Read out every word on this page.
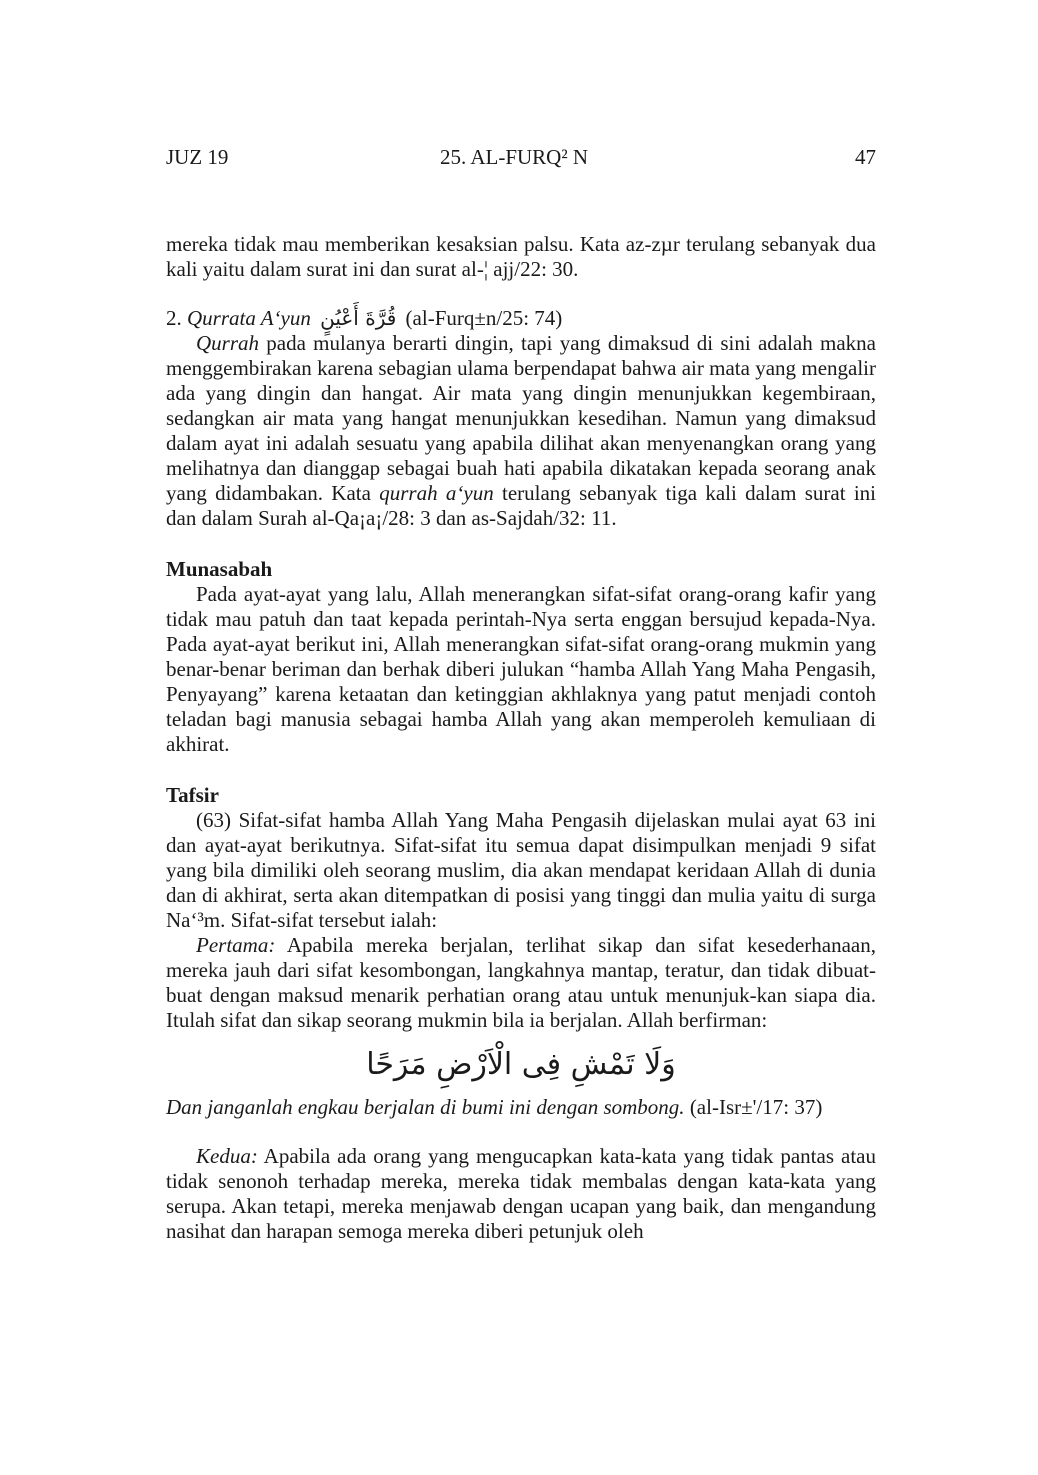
JUZ 19	25. AL-FURQ² N	47

mereka tidak mau memberikan kesaksian palsu. Kata az-zµr terulang sebanyak dua kali yaitu dalam surat ini dan surat al-¦ ajj/22: 30.

2. Qurrata A‘yun قُرَّةَ أَعْيُنٍ (al-Furq±n/25: 74)

Qurrah pada mulanya berarti dingin, tapi yang dimaksud di sini adalah makna menggembirakan karena sebagian ulama berpendapat bahwa air mata yang mengalir ada yang dingin dan hangat. Air mata yang dingin menunjukkan kegembiraan, sedangkan air mata yang hangat menunjukkan kesedihan. Namun yang dimaksud dalam ayat ini adalah sesuatu yang apabila dilihat akan menyenangkan orang yang melihatnya dan dianggap sebagai buah hati apabila dikatakan kepada seorang anak yang didambakan. Kata qurrah a‘yun terulang sebanyak tiga kali dalam surat ini dan dalam Surah al-Qa¡a¡/28: 3 dan as-Sajdah/32: 11.

Munasabah

Pada ayat-ayat yang lalu, Allah menerangkan sifat-sifat orang-orang kafir yang tidak mau patuh dan taat kepada perintah-Nya serta enggan bersujud kepada-Nya. Pada ayat-ayat berikut ini, Allah menerangkan sifat-sifat orang-orang mukmin yang benar-benar beriman dan berhak diberi julukan “hamba Allah Yang Maha Pengasih, Penyayang” karena ketaatan dan ketinggian akhlaknya yang patut menjadi contoh teladan bagi manusia sebagai hamba Allah yang akan memperoleh kemuliaan di akhirat.

Tafsir

(63) Sifat-sifat hamba Allah Yang Maha Pengasih dijelaskan mulai ayat 63 ini dan ayat-ayat berikutnya. Sifat-sifat itu semua dapat disimpulkan menjadi 9 sifat yang bila dimiliki oleh seorang muslim, dia akan mendapat keridaan Allah di dunia dan di akhirat, serta akan ditempatkan di posisi yang tinggi dan mulia yaitu di surga Na‘³m. Sifat-sifat tersebut ialah:

Pertama: Apabila mereka berjalan, terlihat sikap dan sifat kesederhanaan, mereka jauh dari sifat kesombongan, langkahnya mantap, teratur, dan tidak dibuat-buat dengan maksud menarik perhatian orang atau untuk menunjuk-kan siapa dia. Itulah sifat dan sikap seorang mukmin bila ia berjalan. Allah berfirman:

وَلَا تَمْشِ فِى الْاَرْضِ مَرَحًا

Dan janganlah engkau berjalan di bumi ini dengan sombong. (al-Isr±'/17: 37)

Kedua: Apabila ada orang yang mengucapkan kata-kata yang tidak pantas atau tidak senonoh terhadap mereka, mereka tidak membalas dengan kata-kata yang serupa. Akan tetapi, mereka menjawab dengan ucapan yang baik, dan mengandung nasihat dan harapan semoga mereka diberi petunjuk oleh
